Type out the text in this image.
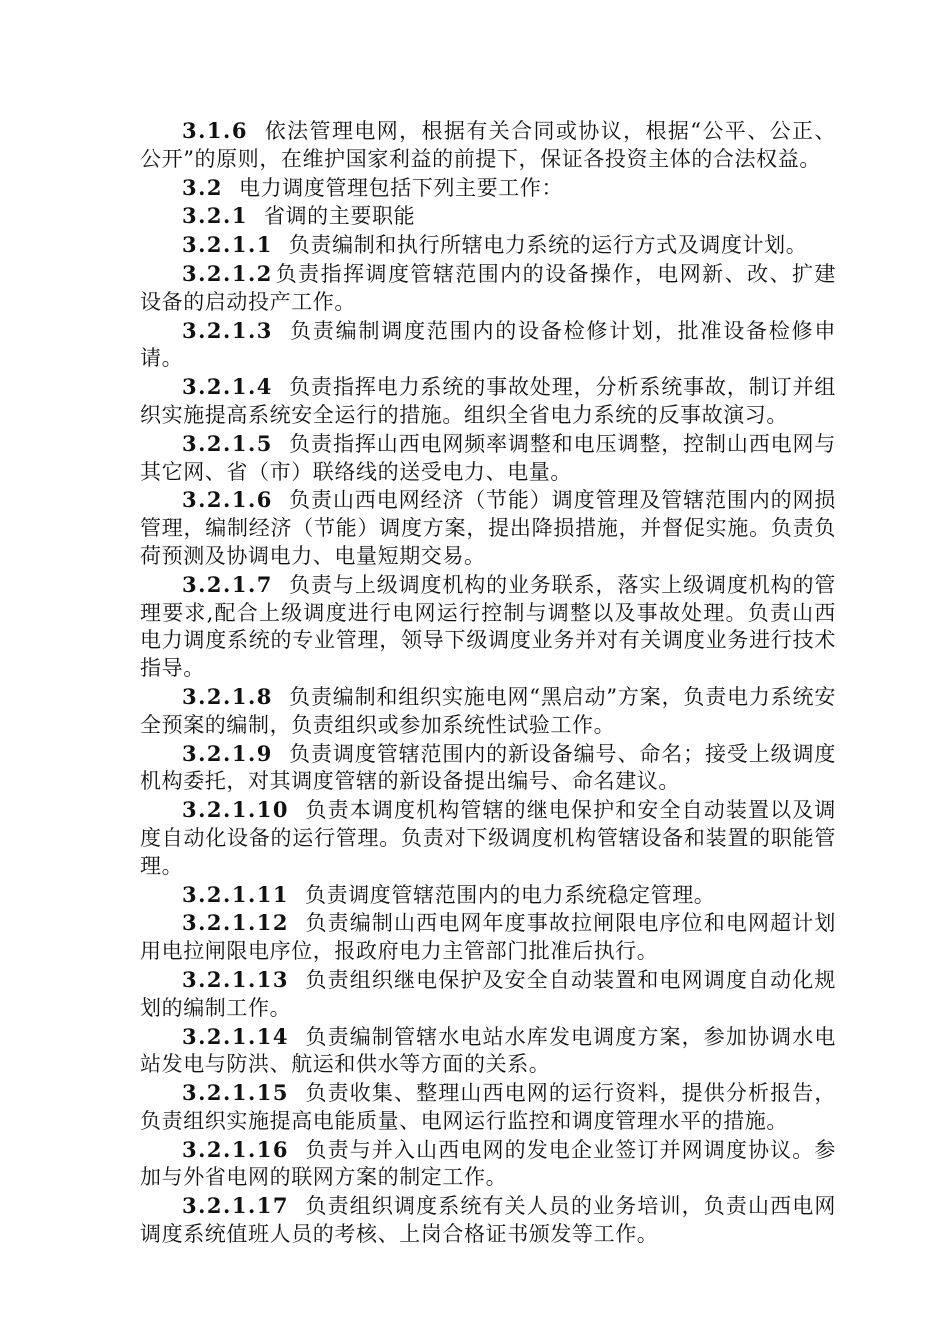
3.1.6 依法管理电网，根据有关合同或协议，根据“公平、公正、公开”的原则，在维护国家利益的前提下，保证各投资主体的合法权益。

3.2 电力调度管理包括下列主要工作：

3.2.1 省调的主要职能

3.2.1.1 负责编制和执行所辖电力系统的运行方式及调度计划。

3.2.1.2负责指挥调度管辖范围内的设备操作，电网新、改、扩建设备的启动投产工作。

3.2.1.3 负责编制调度范围内的设备检修计划，批准设备检修申请。

3.2.1.4 负责指挥电力系统的事故处理，分析系统事故，制订并组织实施提高系统安全运行的措施。组织全省电力系统的反事故演习。

3.2.1.5 负责指挥山西电网频率调整和电压调整，控制山西电网与其它网、省（市）联络线的送受电力、电量。

3.2.1.6 负责山西电网经济（节能）调度管理及管辖范围内的网损管理，编制经济（节能）调度方案，提出降损措施，并督促实施。负责负荷预测及协调电力、电量短期交易。

3.2.1.7 负责与上级调度机构的业务联系，落实上级调度机构的管理要求,配合上级调度进行电网运行控制与调整以及事故处理。负责山西电力调度系统的专业管理，领导下级调度业务并对有关调度业务进行技术指导。

3.2.1.8 负责编制和组织实施电网“黑启动”方案，负责电力系统安全预案的编制，负责组织或参加系统性试验工作。

3.2.1.9 负责调度管辖范围内的新设备编号、命名；接受上级调度机构委托，对其调度管辖的新设备提出编号、命名建议。

3.2.1.10 负责本调度机构管辖的继电保护和安全自动装置以及调度自动化设备的运行管理。负责对下级调度机构管辖设备和装置的职能管理。

3.2.1.11 负责调度管辖范围内的电力系统稳定管理。

3.2.1.12 负责编制山西电网年度事故拉闸限电序位和电网超计划用电拉闸限电序位，报政府电力主管部门批准后执行。

3.2.1.13 负责组织继电保护及安全自动装置和电网调度自动化规划的编制工作。

3.2.1.14 负责编制管辖水电站水库发电调度方案，参加协调水电站发电与防洪、航运和供水等方面的关系。

3.2.1.15 负责收集、整理山西电网的运行资料，提供分析报告，负责组织实施提高电能质量、电网运行监控和调度管理水平的措施。

3.2.1.16 负责与并入山西电网的发电企业签订并网调度协议。参加与外省电网的联网方案的制定工作。

3.2.1.17 负责组织调度系统有关人员的业务培训，负责山西电网调度系统值班人员的考核、上岗合格证书颁发等工作。
